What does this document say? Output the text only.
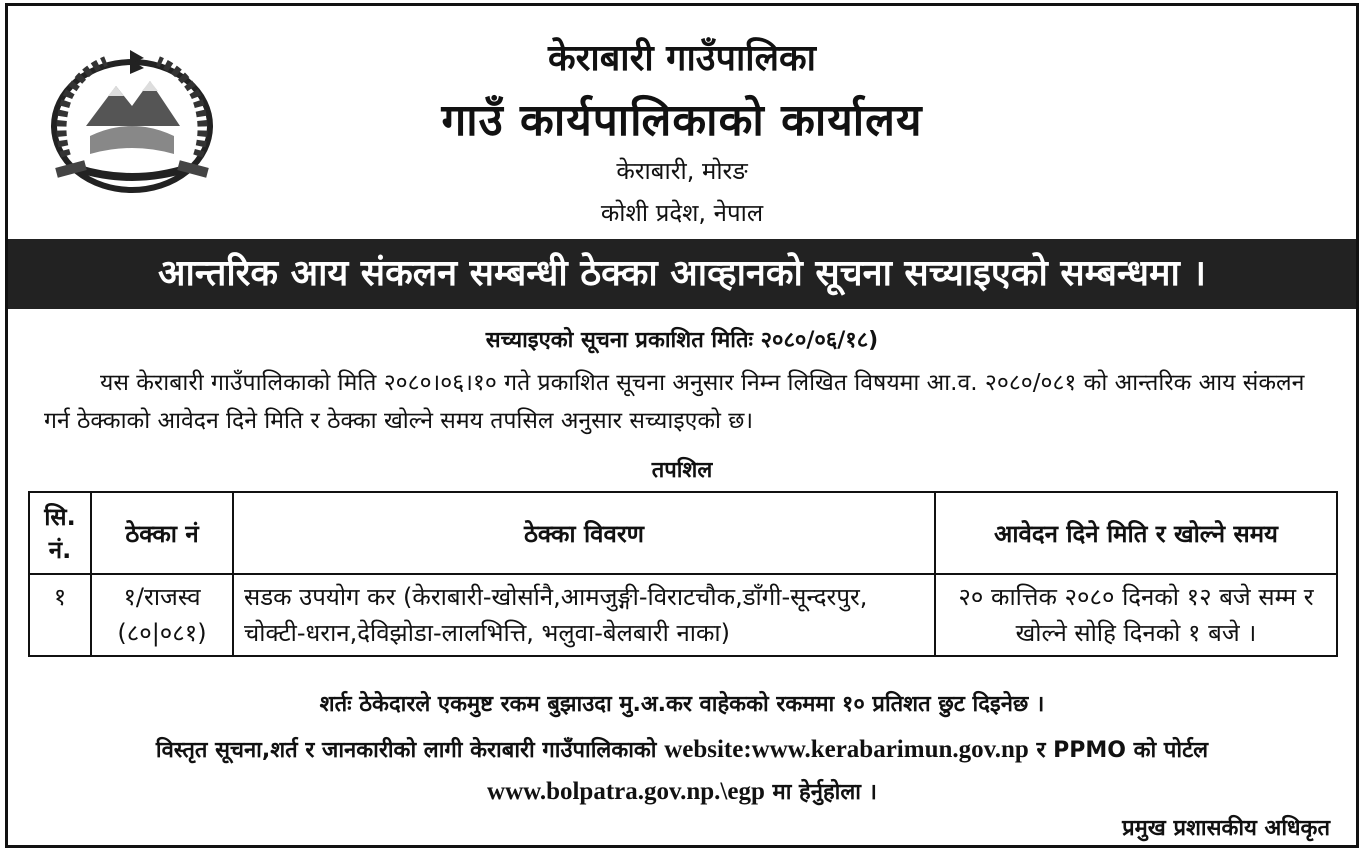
केराबारी गाउँपालिका
गाउँ कार्यपालिकाको कार्यालय
केराबारी, मोरङ
कोशी प्रदेश, नेपाल
आन्तरिक आय संकलन सम्बन्धी ठेक्का आव्हानको सूचना सच्याइएको सम्बन्धमा ।
सच्याइएको सूचना प्रकाशित मितिः २०८०/०६/१८)
यस केराबारी गाउँपालिकाको मिति २०८०।०६।१० गते प्रकाशित सूचना अनुसार निम्न लिखित विषयमा आ.व. २०८०/०८१ को आन्तरिक आय संकलन गर्न ठेक्काको आवेदन दिने मिति र ठेक्का खोल्ने समय तपसिल अनुसार सच्याइएको छ।
तपशिल
सि. नं.	ठेक्का नं	ठेक्का विवरण	आवेदन दिने मिति र खोल्ने समय
१	१/राजस्व (८०|०८१)	सडक उपयोग कर (केराबारी-खोर्सानै,आमजुङ्गी-विराटचौक,डाँगी-सून्दरपुर, चोक्टी-धरान,देविझोडा-लालभित्ति, भलुवा-बेलबारी नाका)	२० कात्तिक २०८० दिनको १२ बजे सम्म र खोल्ने सोहि दिनको १ बजे ।
शर्तः ठेकेदारले एकमुष्ट रकम बुझाउदा मु.अ.कर वाहेकको रकममा १० प्रतिशत छुट दिइनेछ ।
विस्तृत सूचना,शर्त र जानकारीको लागी केराबारी गाउँपालिकाको website:www.kerabarimun.gov.np र PPMO को पोर्टल
www.bolpatra.gov.np.\egp मा हेर्नुहोला ।
प्रमुख प्रशासकीय अधिकृत
